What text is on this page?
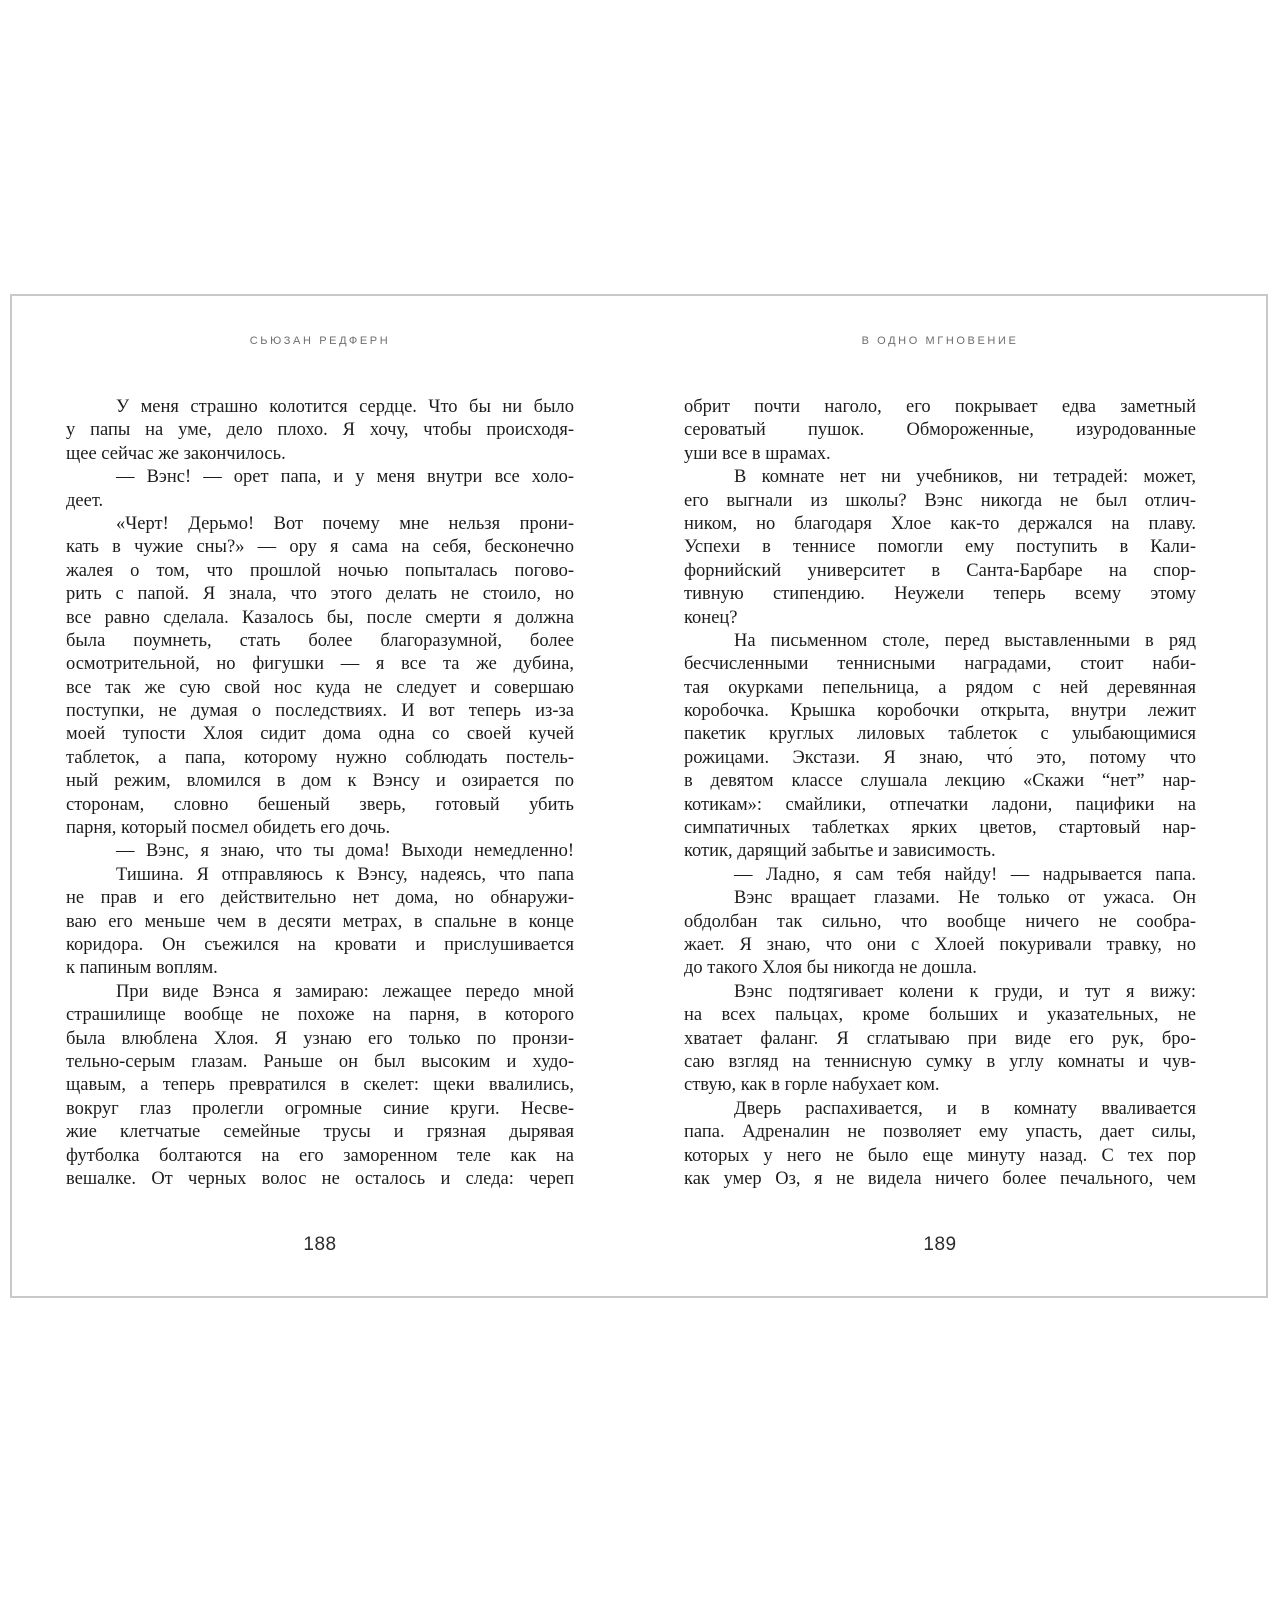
СЬЮЗАН РЕДФЕРН
У меня страшно колотится сердце. Что бы ни было
у папы на уме, дело плохо. Я хочу, чтобы происходя-
щее сейчас же закончилось.
— Вэнс! — орет папа, и у меня внутри все холо-
деет.
«Черт! Дерьмо! Вот почему мне нельзя прони-
кать в чужие сны?» — ору я сама на себя, бесконечно
жалея о том, что прошлой ночью попыталась погово-
рить с папой. Я знала, что этого делать не стоило, но
все равно сделала. Казалось бы, после смерти я должна
была поумнеть, стать более благоразумной, более
осмотрительной, но фигушки — я все та же дубина,
все так же сую свой нос куда не следует и совершаю
поступки, не думая о последствиях. И вот теперь из-за
моей тупости Хлоя сидит дома одна со своей кучей
таблеток, а папа, которому нужно соблюдать постель-
ный режим, вломился в дом к Вэнсу и озирается по
сторонам, словно бешеный зверь, готовый убить
парня, который посмел обидеть его дочь.
— Вэнс, я знаю, что ты дома! Выходи немедленно!
Тишина. Я отправляюсь к Вэнсу, надеясь, что папа
не прав и его действительно нет дома, но обнаружи-
ваю его меньше чем в десяти метрах, в спальне в конце
коридора. Он съежился на кровати и прислушивается
к папиным воплям.
При виде Вэнса я замираю: лежащее передо мной
страшилище вообще не похоже на парня, в которого
была влюблена Хлоя. Я узнаю его только по пронзи-
тельно-серым глазам. Раньше он был высоким и худо-
щавым, а теперь превратился в скелет: щеки ввалились,
вокруг глаз пролегли огромные синие круги. Несве-
жие клетчатые семейные трусы и грязная дырявая
футболка болтаются на его заморенном теле как на
вешалке. От черных волос не осталось и следа: череп
188
В ОДНО МГНОВЕНИЕ
обрит почти наголо, его покрывает едва заметный
сероватый пушок. Обмороженные, изуродованные
уши все в шрамах.
В комнате нет ни учебников, ни тетрадей: может,
его выгнали из школы? Вэнс никогда не был отлич-
ником, но благодаря Хлое как-то держался на плаву.
Успехи в теннисе помогли ему поступить в Кали-
форнийский университет в Санта-Барбаре на спор-
тивную стипендию. Неужели теперь всему этому
конец?
На письменном столе, перед выставленными в ряд
бесчисленными теннисными наградами, стоит наби-
тая окурками пепельница, а рядом с ней деревянная
коробочка. Крышка коробочки открыта, внутри лежит
пакетик круглых лиловых таблеток с улыбающимися
рожицами. Экстази. Я знаю, что́ это, потому что
в девятом классе слушала лекцию «Скажи “нет” нар-
котикам»: смайлики, отпечатки ладони, пацифики на
симпатичных таблетках ярких цветов, стартовый нар-
котик, дарящий забытье и зависимость.
— Ладно, я сам тебя найду! — надрывается папа.
Вэнс вращает глазами. Не только от ужаса. Он
обдолбан так сильно, что вообще ничего не сообра-
жает. Я знаю, что они с Хлоей покуривали травку, но
до такого Хлоя бы никогда не дошла.
Вэнс подтягивает колени к груди, и тут я вижу:
на всех пальцах, кроме больших и указательных, не
хватает фаланг. Я сглатываю при виде его рук, бро-
саю взгляд на теннисную сумку в углу комнаты и чув-
ствую, как в горле набухает ком.
Дверь распахивается, и в комнату вваливается
папа. Адреналин не позволяет ему упасть, дает силы,
которых у него не было еще минуту назад. С тех пор
как умер Оз, я не видела ничего более печального, чем
189
